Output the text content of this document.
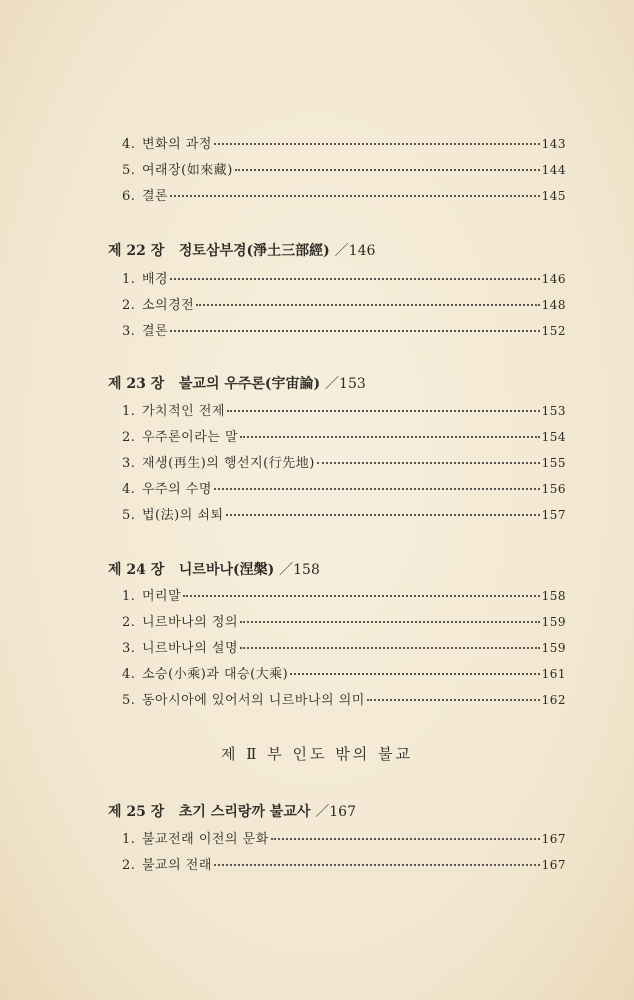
4. 변화의 과정	143
5. 여래장(如來藏)	144
6. 결론	145
제 22 장 정토삼부경(淨土三部經) ／146
1. 배경	146
2. 소의경전	148
3. 결론	152
제 23 장 불교의 우주론(宇宙論) ／153
1. 가치적인 전제	153
2. 우주론이라는 말	154
3. 재생(再生)의 행선지(行先地)	155
4. 우주의 수명	156
5. 법(法)의 쇠퇴	157
제 24 장 니르바나(涅槃) ／158
1. 머리말	158
2. 니르바나의 정의	159
3. 니르바나의 설명	159
4. 소승(小乘)과 대승(大乘)	161
5. 동아시아에 있어서의 니르바나의 의미	162
제 Ⅱ 부 인도 밖의 불교
제 25 장 초기 스리랑까 불교사 ／167
1. 불교전래 이전의 문화	167
2. 불교의 전래	167
